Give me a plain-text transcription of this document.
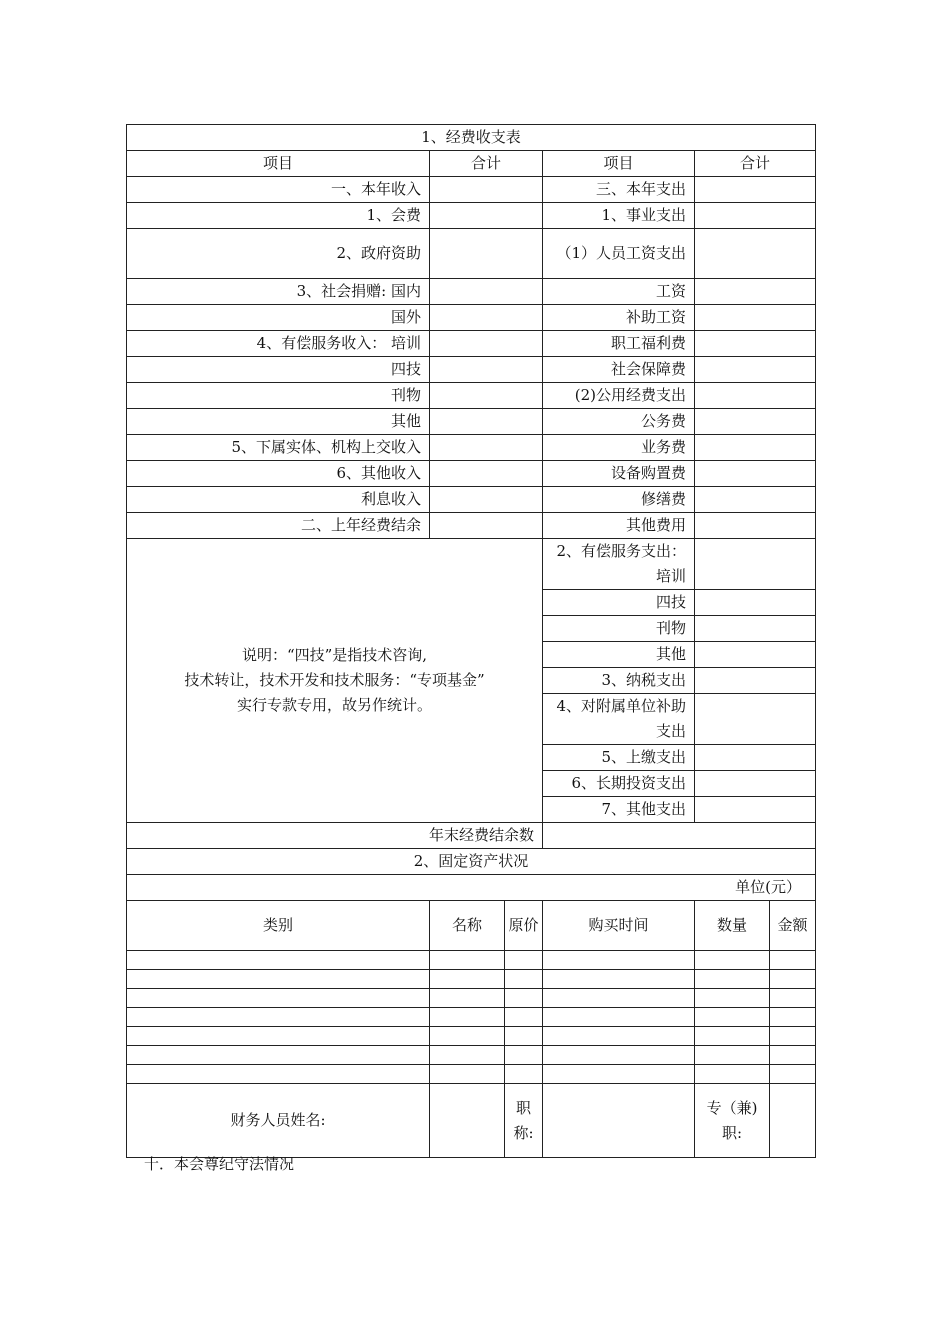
1、经费收支表					
项目	合计		项目	合计	
一、本年收入			三、本年支出		
1、会费			1、事业支出		
2、政府资助			（1）人员工资支出		
3、社会捐赠: 国内			工资		
国外			补助工资		
4、有偿服务收入： 培训			职工福利费		
四技			社会保障费		
刊物			(2)公用经费支出		
其他			公务费		
5、下属实体、机构上交收入			业务费		
6、其他收入			设备购置费		
利息收入			修缮费		
二、上年经费结余			其他费用		

说明：“四技”是指技术咨询,
技术转让，技术开发和技术服务：“专项基金”
实行专款专用，故另作统计。			2、有偿服务支出：培训		
			四技		
			刊物		
			其他		
			3、纳税支出		
			4、对附属单位补助支出		
			5、上缴支出		
			6、长期投资支出		
			7、其他支出		
年末经费结余数					
2、固定资产状况					
单位(元）					
类别	名称	原价	购买时间	数量	金额

财务人员姓名:		职称:		专（兼)职:	
十．本会尊纪守法情况
